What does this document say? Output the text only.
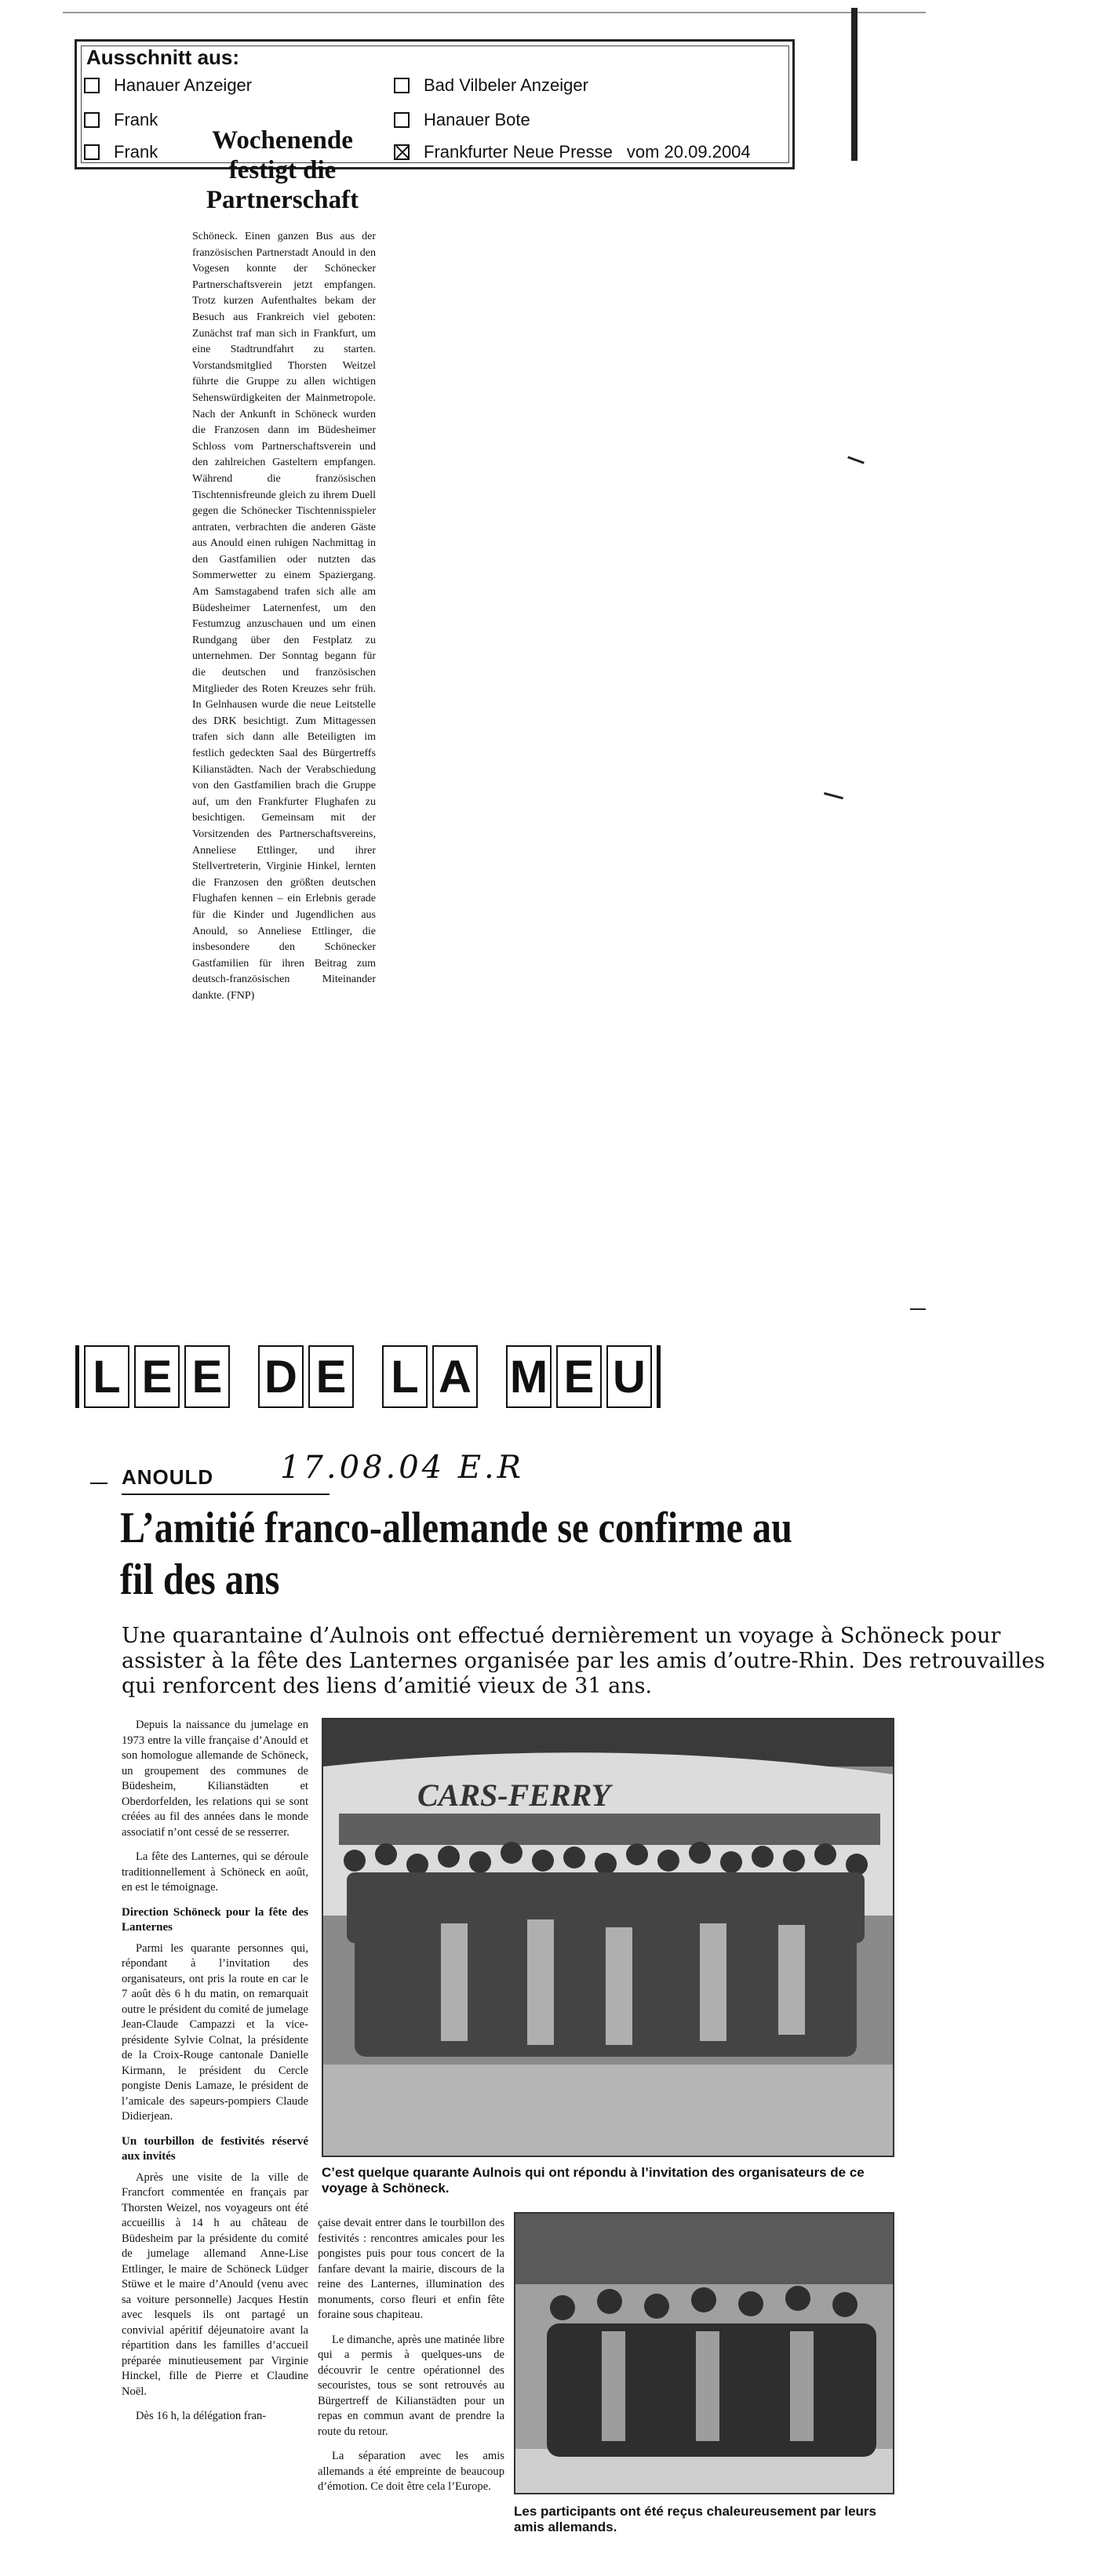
Ausschnitt aus:
Hanauer Anzeiger	Bad Vilbeler Anzeiger
Frank	Hanauer Bote
Frank	Frankfurter Neue Presse vom 20.09.2004
Wochenende festigt die Partnerschaft
Schöneck. Einen ganzen Bus aus der französischen Partnerstadt Anould in den Vogesen konnte der Schönecker Partnerschaftsverein jetzt empfangen. Trotz kurzen Aufenthaltes bekam der Besuch aus Frankreich viel geboten: Zunächst traf man sich in Frankfurt, um eine Stadtrundfahrt zu starten. Vorstandsmitglied Thorsten Weitzel führte die Gruppe zu allen wichtigen Sehenswürdigkeiten der Mainmetropole. Nach der Ankunft in Schöneck wurden die Franzosen dann im Büdesheimer Schloss vom Partnerschaftsverein und den zahlreichen Gasteltern empfangen. Während die französischen Tischtennisfreunde gleich zu ihrem Duell gegen die Schönecker Tischtennisspieler antraten, verbrachten die anderen Gäste aus Anould einen ruhigen Nachmittag in den Gastfamilien oder nutzten das Sommerwetter zu einem Spaziergang. Am Samstagabend trafen sich alle am Büdesheimer Laternenfest, um den Festumzug anzuschauen und um einen Rundgang über den Festplatz zu unternehmen. Der Sonntag begann für die deutschen und französischen Mitglieder des Roten Kreuzes sehr früh. In Gelnhausen wurde die neue Leitstelle des DRK besichtigt. Zum Mittagessen trafen sich dann alle Beteiligten im festlich gedeckten Saal des Bürgertreffs Kilianstädten. Nach der Verabschiedung von den Gastfamilien brach die Gruppe auf, um den Frankfurter Flughafen zu besichtigen. Gemeinsam mit der Vorsitzenden des Partnerschaftsvereins, Anneliese Ettlinger, und ihrer Stellvertreterin, Virginie Hinkel, lernten die Franzosen den größten deutschen Flughafen kennen – ein Erlebnis gerade für die Kinder und Jugendlichen aus Anould, so Anneliese Ettlinger, die insbesondere den Schönecker Gastfamilien für ihren Beitrag zum deutsch-französischen Miteinander dankte. (FNP)
L E E D E L A M E U
ANOULD 17.08.04 E.R
L’amitié franco-allemande se confirme au fil des ans
Une quarantaine d’Aulnois ont effectué dernièrement un voyage à Schöneck pour assister à la fête des Lanternes organisée par les amis d’outre-Rhin. Des retrouvailles qui renforcent des liens d’amitié vieux de 31 ans.

Depuis la naissance du jumelage en 1973 entre la ville française d’Anould et son homologue allemande de Schöneck, un groupement des communes de Büdesheim, Kilianstädten et Oberdorfelden, les relations qui se sont créées au fil des années dans le monde associatif n’ont cessé de se resserrer.

La fête des Lanternes, qui se déroule traditionnellement à Schöneck en août, en est le témoignage.

Direction Schöneck pour la fête des Lanternes

Parmi les quarante personnes qui, répondant à l’invitation des organisateurs, ont pris la route en car le 7 août dès 6 h du matin, on remarquait outre le président du comité de jumelage Jean-Claude Campazzi et la vice-présidente Sylvie Colnat, la présidente de la Croix-Rouge cantonale Danielle Kirmann, le président du Cercle pongiste Denis Lamaze, le président de l’amicale des sapeurs-pompiers Claude Didierjean.

Un tourbillon de festivités réservé aux invités

Après une visite de la ville de Francfort commentée en français par Thorsten Weizel, nos voyageurs ont été accueillis à 14 h au château de Büdesheim par la présidente du comité de jumelage allemand Anne-Lise Ettlinger, le maire de Schöneck Lüdger Stüwe et le maire d’Anould (venu avec sa voiture personnelle) Jacques Hestin avec lesquels ils ont partagé un convivial apéritif déjeunatoire avant la répartition dans les familles d’accueil préparée minutieusement par Virginie Hinckel, fille de Pierre et Claudine Noël.

Dès 16 h, la délégation fran-

çaise devait entrer dans le tourbillon des festivités : rencontres amicales pour les pongistes puis pour tous concert de la fanfare devant la mairie, discours de la reine des Lanternes, illumination des monuments, corso fleuri et enfin fête foraine sous chapiteau.

Le dimanche, après une matinée libre qui a permis à quelques-uns de découvrir le centre opérationnel des secouristes, tous se sont retrouvés au Bürgertreff de Kilianstädten pour un repas en commun avant de prendre la route du retour.

La séparation avec les amis allemands a été empreinte de beaucoup d’émotion. Ce doit être cela l’Europe.

CARS-FERRY
C’est quelque quarante Aulnois qui ont répondu à l’invitation des organisateurs de ce voyage à Schöneck.
Les participants ont été reçus chaleureusement par leurs amis allemands.
